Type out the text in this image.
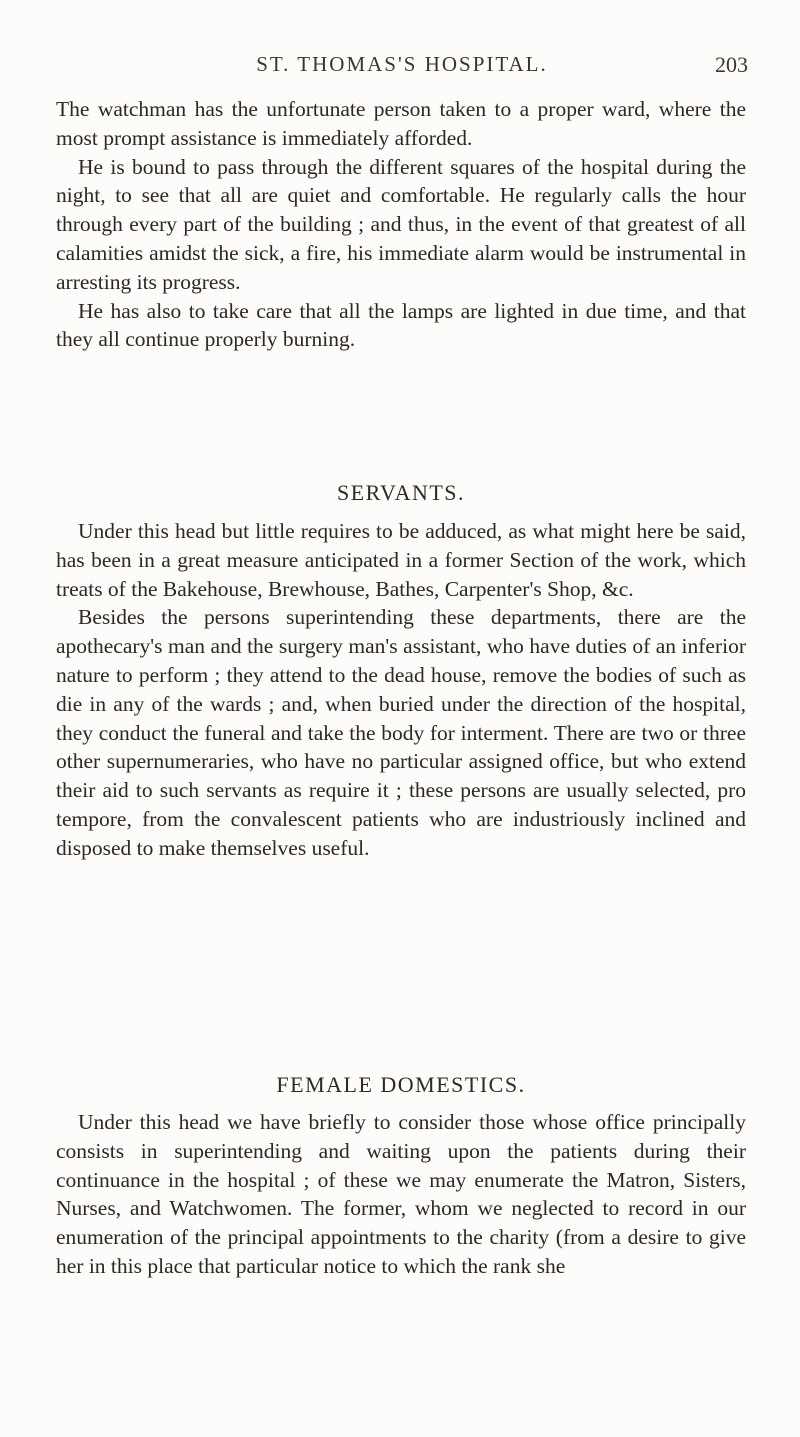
ST. THOMAS'S HOSPITAL.	203

The watchman has the unfortunate person taken to a proper ward, where the most prompt assistance is immediately afforded.

He is bound to pass through the different squares of the hospital during the night, to see that all are quiet and comfortable. He regularly calls the hour through every part of the building ; and thus, in the event of that greatest of all calamities amidst the sick, a fire, his immediate alarm would be instrumental in arresting its progress.

He has also to take care that all the lamps are lighted in due time, and that they all continue properly burning.

SERVANTS.

Under this head but little requires to be adduced, as what might here be said, has been in a great measure anticipated in a former Section of the work, which treats of the Bakehouse, Brewhouse, Bathes, Carpenter's Shop, &c.

Besides the persons superintending these departments, there are the apothecary's man and the surgery man's assistant, who have duties of an inferior nature to perform ; they attend to the dead house, remove the bodies of such as die in any of the wards ; and, when buried under the direction of the hospital, they conduct the funeral and take the body for interment. There are two or three other supernumeraries, who have no particular assigned office, but who extend their aid to such servants as require it ; these persons are usually selected, pro tempore, from the convalescent patients who are industriously inclined and disposed to make themselves useful.

FEMALE DOMESTICS.

Under this head we have briefly to consider those whose office principally consists in superintending and waiting upon the patients during their continuance in the hospital ; of these we may enumerate the Matron, Sisters, Nurses, and Watchwomen. The former, whom we neglected to record in our enumeration of the principal appointments to the charity (from a desire to give her in this place that particular notice to which the rank she
